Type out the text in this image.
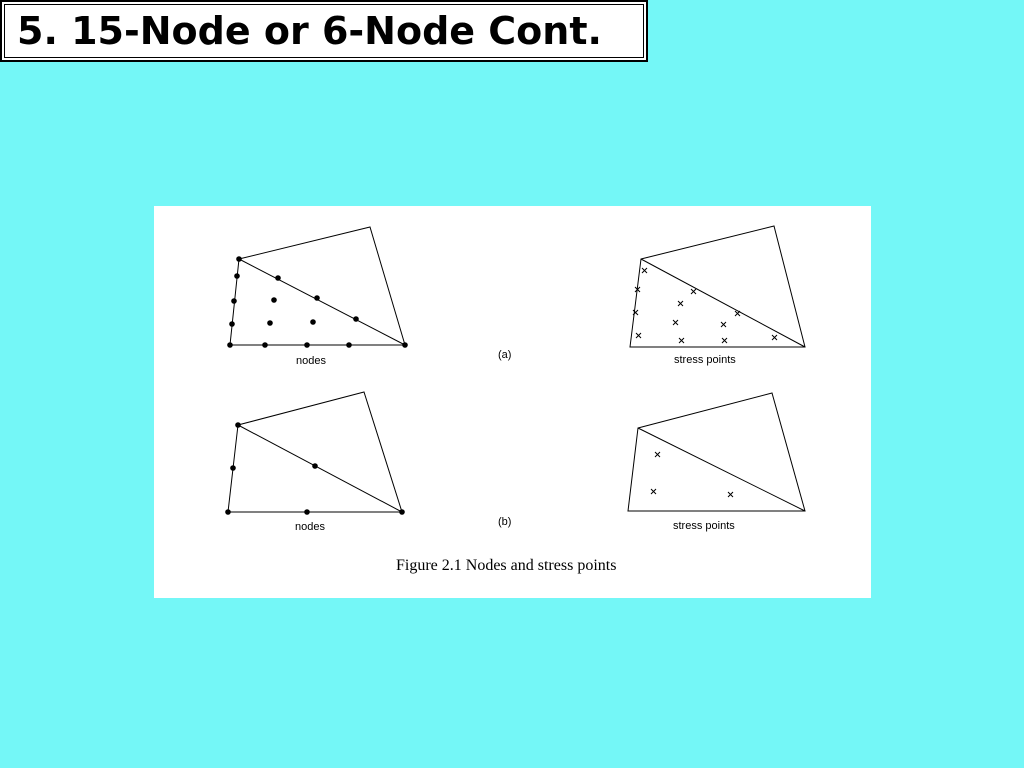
5. 15-Node or 6-Node Cont.
nodes	(a)	stress points
nodes	(b)	stress points
Figure 2.1 Nodes and stress points
